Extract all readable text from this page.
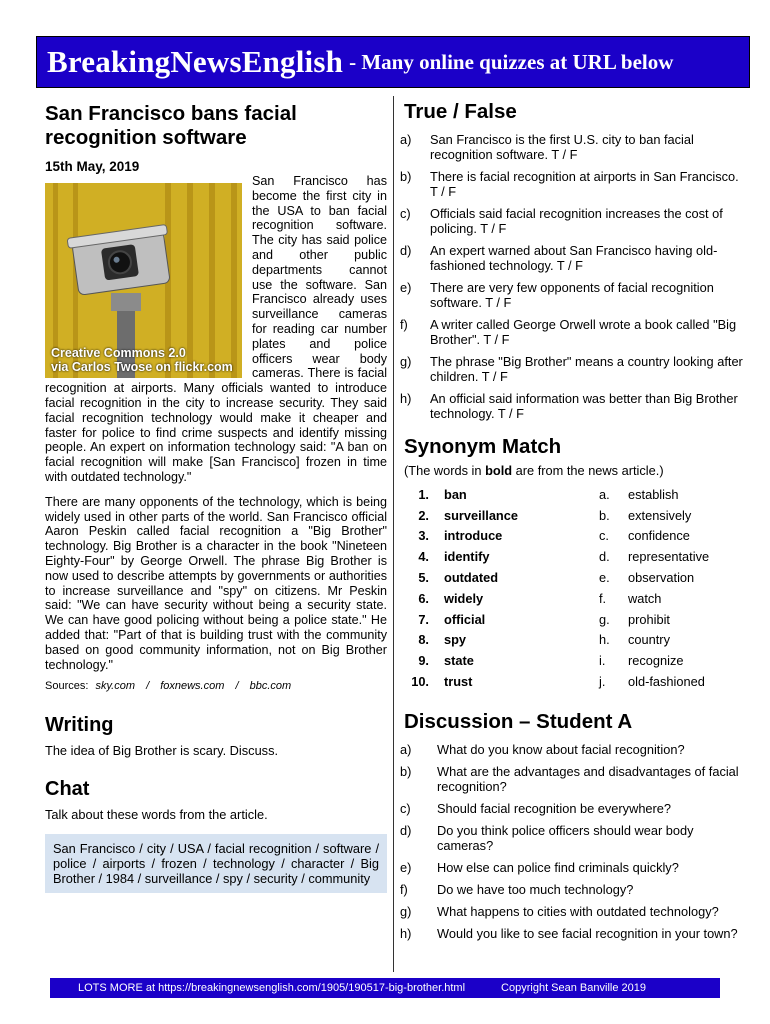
BreakingNewsEnglish - Many online quizzes at URL below
San Francisco bans facial
recognition software
15th May, 2019
Creative Commons 2.0
via Carlos Twose on flickr.com

San Francisco has become the first city in the USA to ban facial recognition software. The city has said police and other public departments cannot use the software. San Francisco already uses surveillance cameras for reading car number plates and police officers wear body cameras. There is facial recognition at airports. Many officials wanted to introduce facial recognition in the city to increase security. They said facial recognition technology would make it cheaper and faster for police to find crime suspects and identify missing people. An expert on information technology said: "A ban on facial recognition will make [San Francisco] frozen in time with outdated technology."

There are many opponents of the technology, which is being widely used in other parts of the world. San Francisco official Aaron Peskin called facial recognition a "Big Brother" technology. Big Brother is a character in the book "Nineteen Eighty-Four" by George Orwell. The phrase Big Brother is now used to describe attempts by governments or authorities to increase surveillance and "spy" on citizens. Mr Peskin said: "We can have security without being a security state. We can have good policing without being a police state." He added that: "Part of that is building trust with the community based on good community information, not on Big Brother technology."

Sources: sky.com / foxnews.com / bbc.com
Writing
The idea of Big Brother is scary. Discuss.
Chat
Talk about these words from the article.
San Francisco / city / USA / facial recognition / software / police / airports / frozen / technology / character / Big Brother / 1984 / surveillance / spy / security / community
True / False
a)	San Francisco is the first U.S. city to ban facial recognition software. T / F
b)	There is facial recognition at airports in San Francisco. T / F
c)	Officials said facial recognition increases the cost of policing. T / F
d)	An expert warned about San Francisco having old-fashioned technology. T / F
e)	There are very few opponents of facial recognition software. T / F
f)	A writer called George Orwell wrote a book called "Big Brother". T / F
g)	The phrase "Big Brother" means a country looking after children. T / F
h)	An official said information was better than Big Brother technology. T / F
Synonym Match
(The words in bold are from the news article.)
1.	ban	a.	establish
2.	surveillance	b.	extensively
3.	introduce	c.	confidence
4.	identify	d.	representative
5.	outdated	e.	observation
6.	widely	f.	watch
7.	official	g.	prohibit
8.	spy	h.	country
9.	state	i.	recognize
10.	trust	j.	old-fashioned
Discussion – Student A
a)	What do you know about facial recognition?
b)	What are the advantages and disadvantages of facial recognition?
c)	Should facial recognition be everywhere?
d)	Do you think police officers should wear body cameras?
e)	How else can police find criminals quickly?
f)	Do we have too much technology?
g)	What happens to cities with outdated technology?
h)	Would you like to see facial recognition in your town?
LOTS MORE at https://breakingnewsenglish.com/1905/190517-big-brother.html	Copyright Sean Banville 2019
